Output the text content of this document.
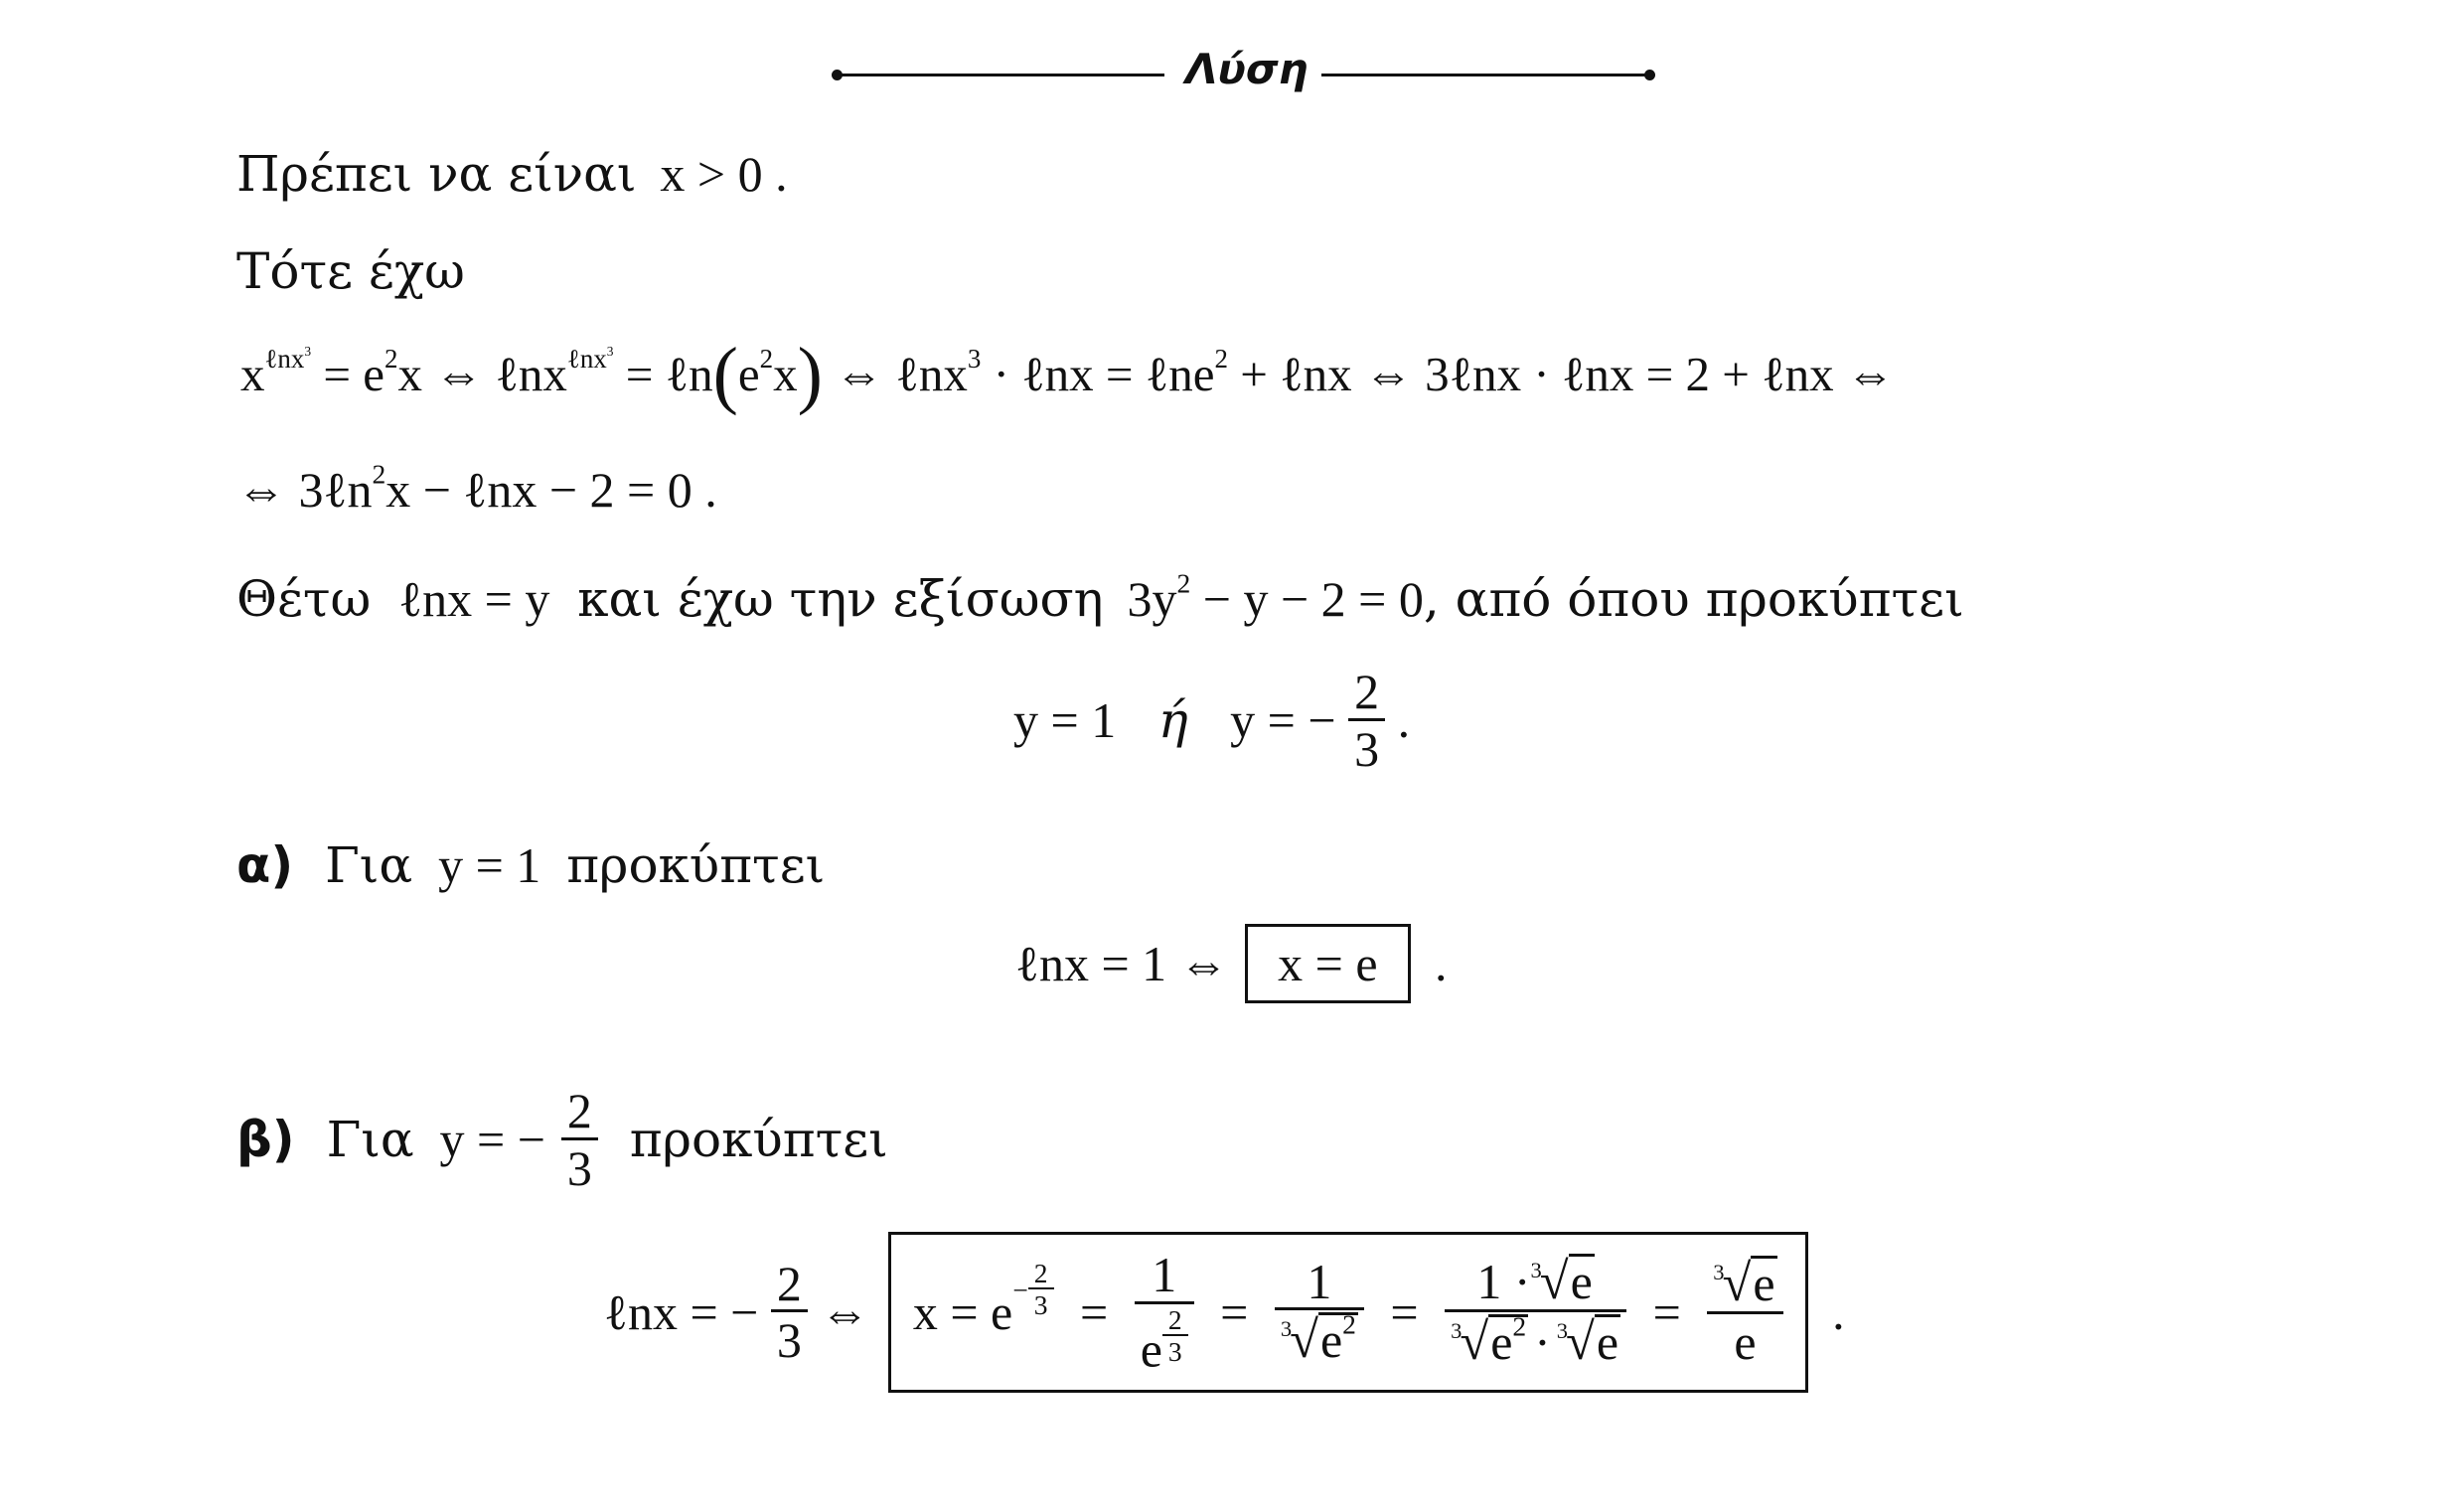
Λύση
Πρέπει να είναι x > 0 .
Τότε έχω
$x^{\ell nx^3} = e^2x$ ⇔ ℓnx$^{\ell nx^3}$ = $\ell n(e^2x)$ ⇔ ℓnx$^3$ · ℓnx = ℓne$^2$ + ℓnx ⇔ 3ℓnx · ℓnx = 2 + ℓnx ⇔
⇔ 3ℓn$^2$x − ℓnx − 2 = 0 .
Θέτω ℓnx = y και έχω την εξίσωση $3y^2 - y - 2 = 0$, από όπου προκύπτει
y = 1 ή y = − $\frac{2}{3}$ .
α) Για y = 1 προκύπτει
ℓnx = 1 ⇔ x = e .
β) Για y = − $\frac{2}{3}$ προκύπτει
ℓnx = − $\frac{2}{3}$ ⇔ $x = e- \frac{2}{3} = \frac{1}{e \frac{2}{3}} = \frac{1}{^3√e^2} = \frac{1 \cdot^3√e}{^3√e^2 \cdot ^3√e} = \frac{^3√e}{e}$ .
